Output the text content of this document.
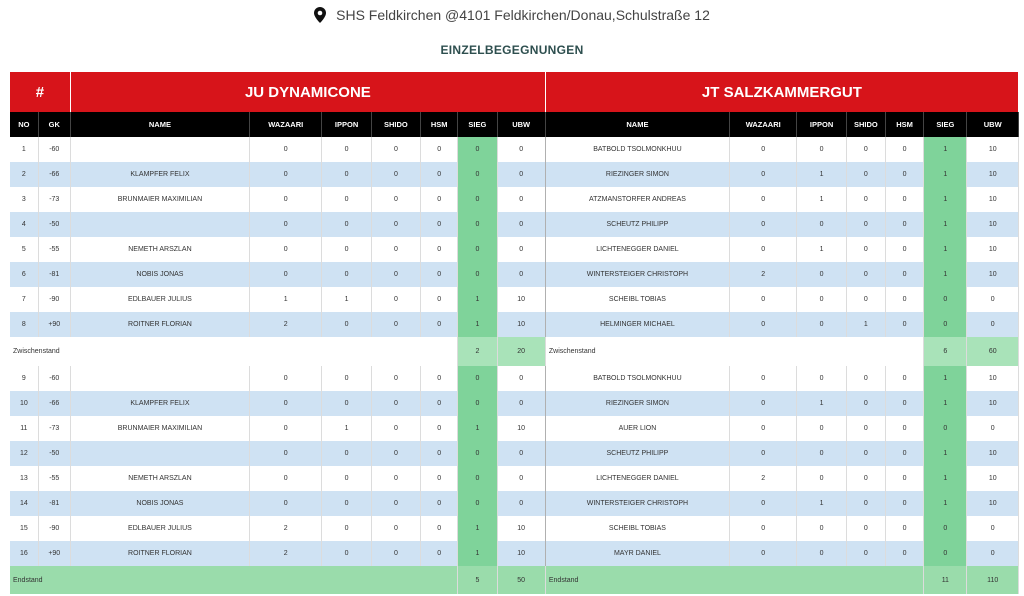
SHS Feldkirchen @4101 Feldkirchen/Donau,Schulstraße 12
EINZELBEGEGNUNGEN
#		JU DYNAMICONE							JT SALZKAMMERGUT						
NO	GK	NAME	WAZAARI	IPPON	SHIDO	HSM	SIEG	UBW	NAME	WAZAARI	IPPON	SHIDO	HSM	SIEG	UBW
1	-60		0	0	0	0	0	0	BATBOLD TSOLMONKHUU	0	0	0	0	1	10
2	-66	KLAMPFER FELIX	0	0	0	0	0	0	RIEZINGER SIMON	0	1	0	0	1	10
3	-73	BRUNMAIER MAXIMILIAN	0	0	0	0	0	0	ATZMANSTORFER ANDREAS	0	1	0	0	1	10
4	-50		0	0	0	0	0	0	SCHEUTZ PHILIPP	0	0	0	0	1	10
5	-55	NEMETH ARSZLAN	0	0	0	0	0	0	LICHTENEGGER DANIEL	0	1	0	0	1	10
6	-81	NOBIS JONAS	0	0	0	0	0	0	WINTERSTEIGER CHRISTOPH	2	0	0	0	1	10
7	-90	EDLBAUER JULIUS	1	1	0	0	1	10	SCHEIBL TOBIAS	0	0	0	0	0	0
8	+90	ROITNER FLORIAN	2	0	0	0	1	10	HELMINGER MICHAEL	0	0	1	0	0	0
Zwischenstand							2	20	Zwischenstand					6	60
9	-60		0	0	0	0	0	0	BATBOLD TSOLMONKHUU	0	0	0	0	1	10
10	-66	KLAMPFER FELIX	0	0	0	0	0	0	RIEZINGER SIMON	0	1	0	0	1	10
11	-73	BRUNMAIER MAXIMILIAN	0	1	0	0	1	10	AUER LION	0	0	0	0	0	0
12	-50		0	0	0	0	0	0	SCHEUTZ PHILIPP	0	0	0	0	1	10
13	-55	NEMETH ARSZLAN	0	0	0	0	0	0	LICHTENEGGER DANIEL	2	0	0	0	1	10
14	-81	NOBIS JONAS	0	0	0	0	0	0	WINTERSTEIGER CHRISTOPH	0	1	0	0	1	10
15	-90	EDLBAUER JULIUS	2	0	0	0	1	10	SCHEIBL TOBIAS	0	0	0	0	0	0
16	+90	ROITNER FLORIAN	2	0	0	0	1	10	MAYR DANIEL	0	0	0	0	0	0
Endstand							5	50	Endstand					11	110
